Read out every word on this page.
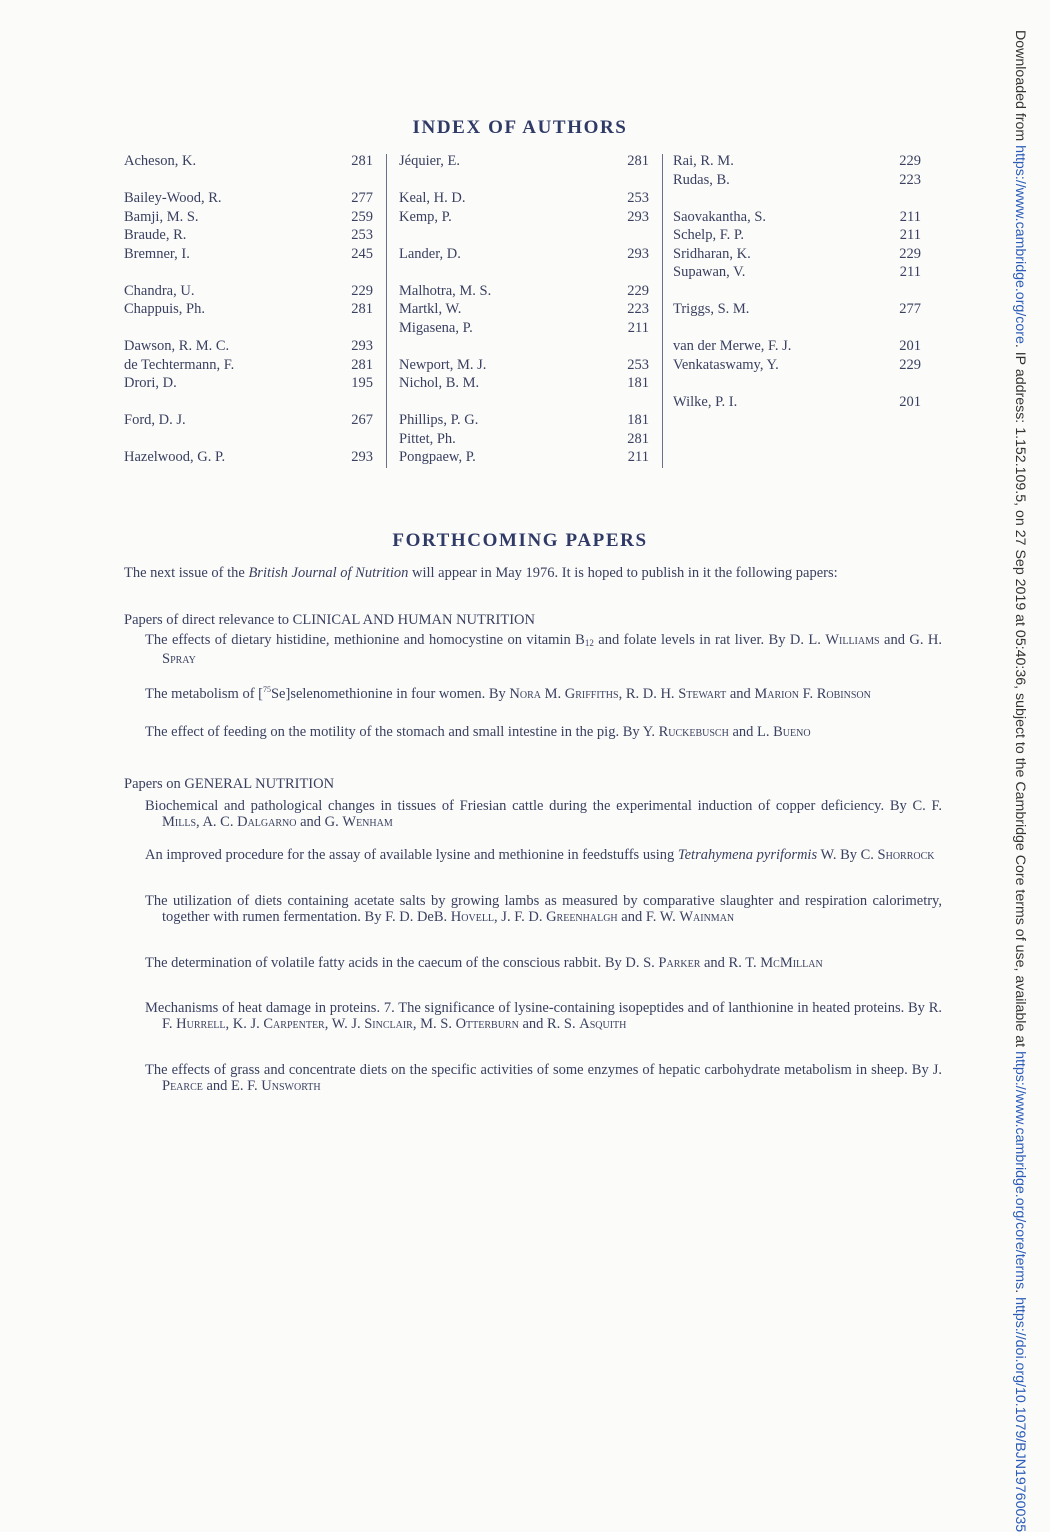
Downloaded from https://www.cambridge.org/core. IP address: 1.152.109.5, on 27 Sep 2019 at 05:40:36, subject to the Cambridge Core terms of use, available at https://www.cambridge.org/core/terms. https://doi.org/10.1079/BJN19760035
INDEX OF AUTHORS
Acheson, K.	281
Bailey-Wood, R.	277
Bamji, M. S.	259
Braude, R.	253
Bremner, I.	245
Chandra, U.	229
Chappuis, Ph.	281
Dawson, R. M. C.	293
de Techtermann, F.	281
Drori, D.	195
Ford, D. J.	267
Hazelwood, G. P.	293
Jéquier, E.	281
Keal, H. D.	253
Kemp, P.	293
Lander, D.	293
Malhotra, M. S.	229
Martkl, W.	223
Migasena, P.	211
Newport, M. J.	253
Nichol, B. M.	181
Phillips, P. G.	181
Pittet, Ph.	281
Pongpaew, P.	211
Rai, R. M.	229
Rudas, B.	223
Saovakantha, S.	211
Schelp, F. P.	211
Sridharan, K.	229
Supawan, V.	211
Triggs, S. M.	277
van der Merwe, F. J.	201
Venkataswamy, Y.	229
Wilke, P. I.	201
FORTHCOMING PAPERS
The next issue of the British Journal of Nutrition will appear in May 1976. It is hoped to publish in it the following papers:
Papers of direct relevance to CLINICAL AND HUMAN NUTRITION
The effects of dietary histidine, methionine and homocystine on vitamin $B_{12}$ and folate levels in rat liver. By D. L. Williams and G. H. Spray
The metabolism of [$^{75}$Se]selenomethionine in four women. By Nora M. Griffiths, R. D. H. Stewart and Marion F. Robinson
The effect of feeding on the motility of the stomach and small intestine in the pig. By Y. Ruckebusch and L. Bueno
Papers on GENERAL NUTRITION
Biochemical and pathological changes in tissues of Friesian cattle during the experimental induction of copper deficiency. By C. F. Mills, A. C. Dalgarno and G. Wenham
An improved procedure for the assay of available lysine and methionine in feedstuffs using Tetrahymena pyriformis W. By C. Shorrock
The utilization of diets containing acetate salts by growing lambs as measured by comparative slaughter and respiration calorimetry, together with rumen fermentation. By F. D. DeB. Hovell, J. F. D. Greenhalgh and F. W. Wainman
The determination of volatile fatty acids in the caecum of the conscious rabbit. By D. S. Parker and R. T. McMillan
Mechanisms of heat damage in proteins. 7. The significance of lysine-containing isopeptides and of lanthionine in heated proteins. By R. F. Hurrell, K. J. Carpenter, W. J. Sinclair, M. S. Otterburn and R. S. Asquith
The effects of grass and concentrate diets on the specific activities of some enzymes of hepatic carbohydrate metabolism in sheep. By J. Pearce and E. F. Unsworth
